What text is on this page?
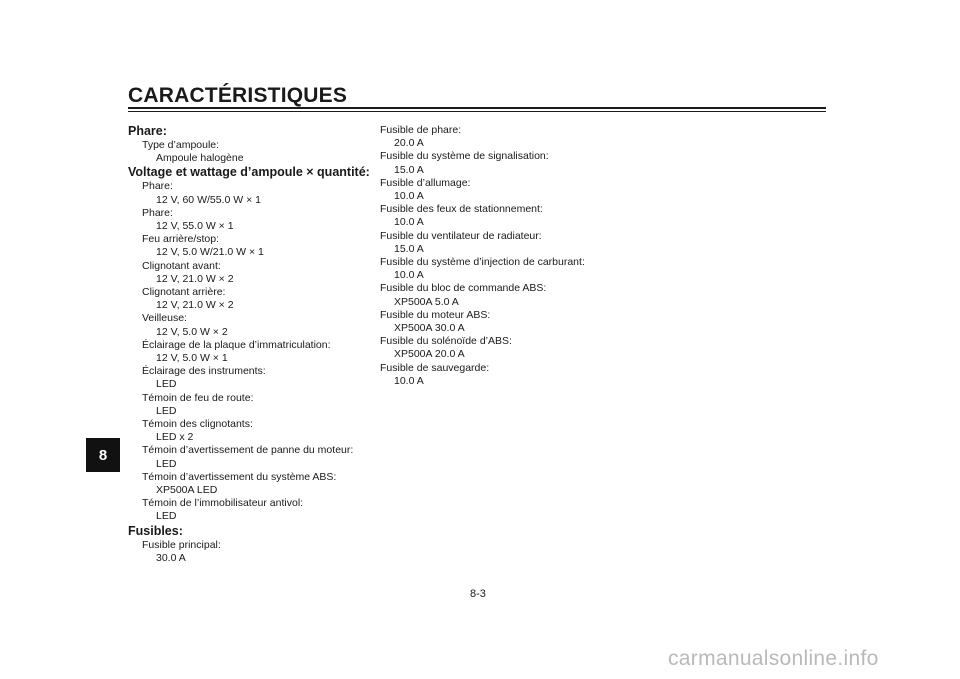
CARACTÉRISTIQUES
Phare:
Type d’ampoule:
Ampoule halogène
Voltage et wattage d’ampoule × quantité:
Phare:
12 V, 60 W/55.0 W × 1
Phare:
12 V, 55.0 W × 1
Feu arrière/stop:
12 V, 5.0 W/21.0 W × 1
Clignotant avant:
12 V, 21.0 W × 2
Clignotant arrière:
12 V, 21.0 W × 2
Veilleuse:
12 V, 5.0 W × 2
Éclairage de la plaque d’immatriculation:
12 V, 5.0 W × 1
Éclairage des instruments:
LED
Témoin de feu de route:
LED
Témoin des clignotants:
LED x 2
Témoin d’avertissement de panne du moteur:
LED
Témoin d’avertissement du système ABS:
XP500A LED
Témoin de l’immobilisateur antivol:
LED
Fusibles:
Fusible principal:
30.0 A
Fusible de phare:
20.0 A
Fusible du système de signalisation:
15.0 A
Fusible d’allumage:
10.0 A
Fusible des feux de stationnement:
10.0 A
Fusible du ventilateur de radiateur:
15.0 A
Fusible du système d’injection de carburant:
10.0 A
Fusible du bloc de commande ABS:
XP500A 5.0 A
Fusible du moteur ABS:
XP500A 30.0 A
Fusible du solénoïde d’ABS:
XP500A 20.0 A
Fusible de sauvegarde:
10.0 A
8
8-3
carmanualsonline.info
